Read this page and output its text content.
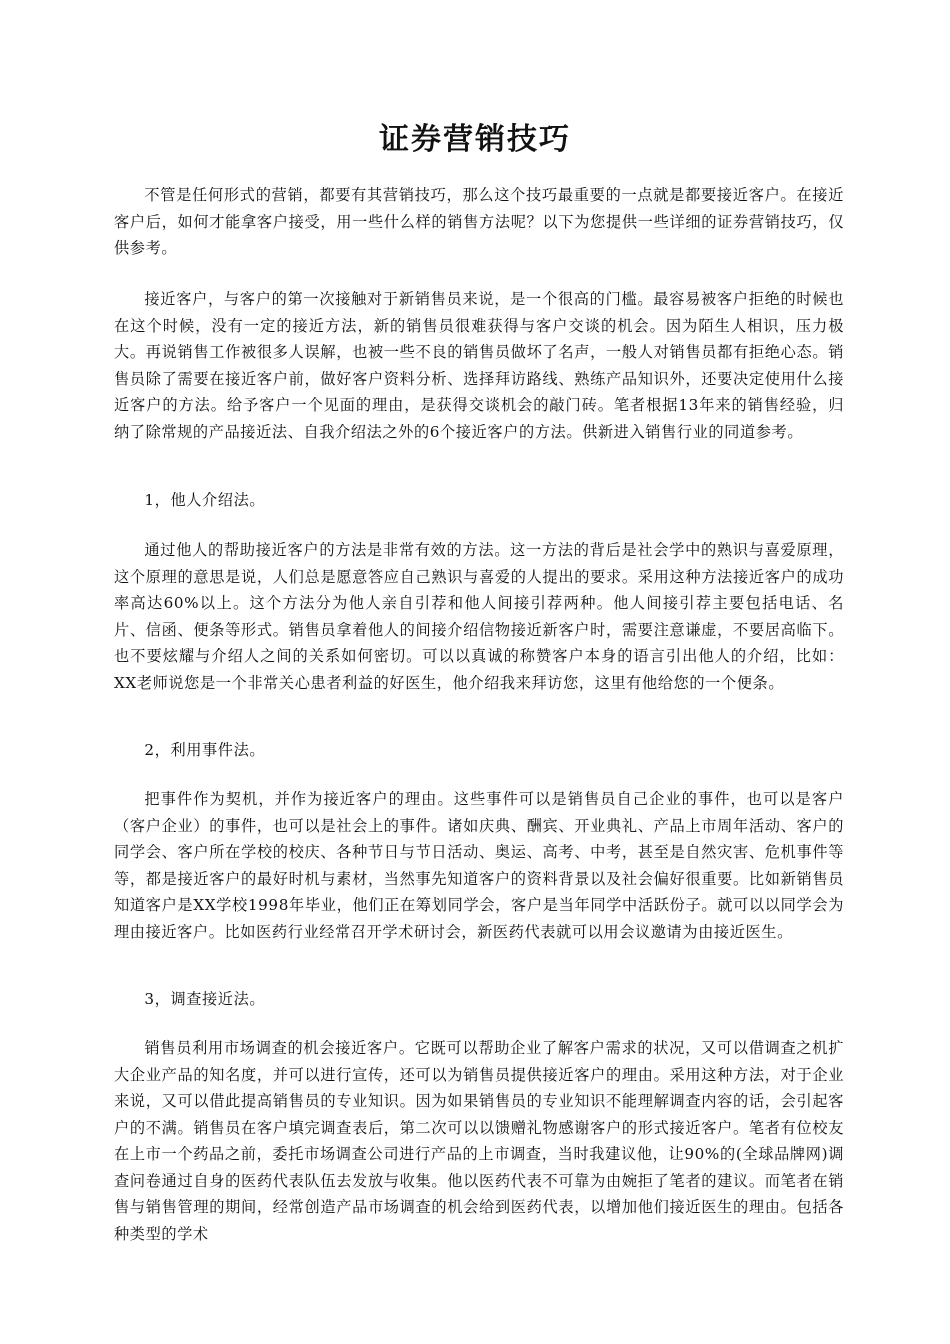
证券营销技巧

不管是任何形式的营销，都要有其营销技巧，那么这个技巧最重要的一点就是都要接近客户。在接近客户后，如何才能拿客户接受，用一些什么样的销售方法呢？以下为您提供一些详细的证券营销技巧，仅供参考。

接近客户，与客户的第一次接触对于新销售员来说，是一个很高的门槛。最容易被客户拒绝的时候也在这个时候，没有一定的接近方法，新的销售员很难获得与客户交谈的机会。因为陌生人相识，压力极大。再说销售工作被很多人误解，也被一些不良的销售员做坏了名声，一般人对销售员都有拒绝心态。销售员除了需要在接近客户前，做好客户资料分析、选择拜访路线、熟练产品知识外，还要决定使用什么接近客户的方法。给予客户一个见面的理由，是获得交谈机会的敲门砖。笔者根据13年来的销售经验，归纳了除常规的产品接近法、自我介绍法之外的6个接近客户的方法。供新进入销售行业的同道参考。

1，他人介绍法。

通过他人的帮助接近客户的方法是非常有效的方法。这一方法的背后是社会学中的熟识与喜爱原理，这个原理的意思是说，人们总是愿意答应自己熟识与喜爱的人提出的要求。采用这种方法接近客户的成功率高达60%以上。这个方法分为他人亲自引荐和他人间接引荐两种。他人间接引荐主要包括电话、名片、信函、便条等形式。销售员拿着他人的间接介绍信物接近新客户时，需要注意谦虚，不要居高临下。也不要炫耀与介绍人之间的关系如何密切。可以以真诚的称赞客户本身的语言引出他人的介绍，比如：XX老师说您是一个非常关心患者利益的好医生，他介绍我来拜访您，这里有他给您的一个便条。

2，利用事件法。

把事件作为契机，并作为接近客户的理由。这些事件可以是销售员自己企业的事件，也可以是客户（客户企业）的事件，也可以是社会上的事件。诸如庆典、酬宾、开业典礼、产品上市周年活动、客户的同学会、客户所在学校的校庆、各种节日与节日活动、奥运、高考、中考，甚至是自然灾害、危机事件等等，都是接近客户的最好时机与素材，当然事先知道客户的资料背景以及社会偏好很重要。比如新销售员知道客户是XX学校1998年毕业，他们正在筹划同学会，客户是当年同学中活跃份子。就可以以同学会为理由接近客户。比如医药行业经常召开学术研讨会，新医药代表就可以用会议邀请为由接近医生。

3，调查接近法。

销售员利用市场调查的机会接近客户。它既可以帮助企业了解客户需求的状况，又可以借调查之机扩大企业产品的知名度，并可以进行宣传，还可以为销售员提供接近客户的理由。采用这种方法，对于企业来说，又可以借此提高销售员的专业知识。因为如果销售员的专业知识不能理解调查内容的话，会引起客户的不满。销售员在客户填完调查表后，第二次可以以馈赠礼物感谢客户的形式接近客户。笔者有位校友在上市一个药品之前，委托市场调查公司进行产品的上市调查，当时我建议他，让90%的(全球品牌网)调查问卷通过自身的医药代表队伍去发放与收集。他以医药代表不可靠为由婉拒了笔者的建议。而笔者在销售与销售管理的期间，经常创造产品市场调查的机会给到医药代表，以增加他们接近医生的理由。包括各种类型的学术
